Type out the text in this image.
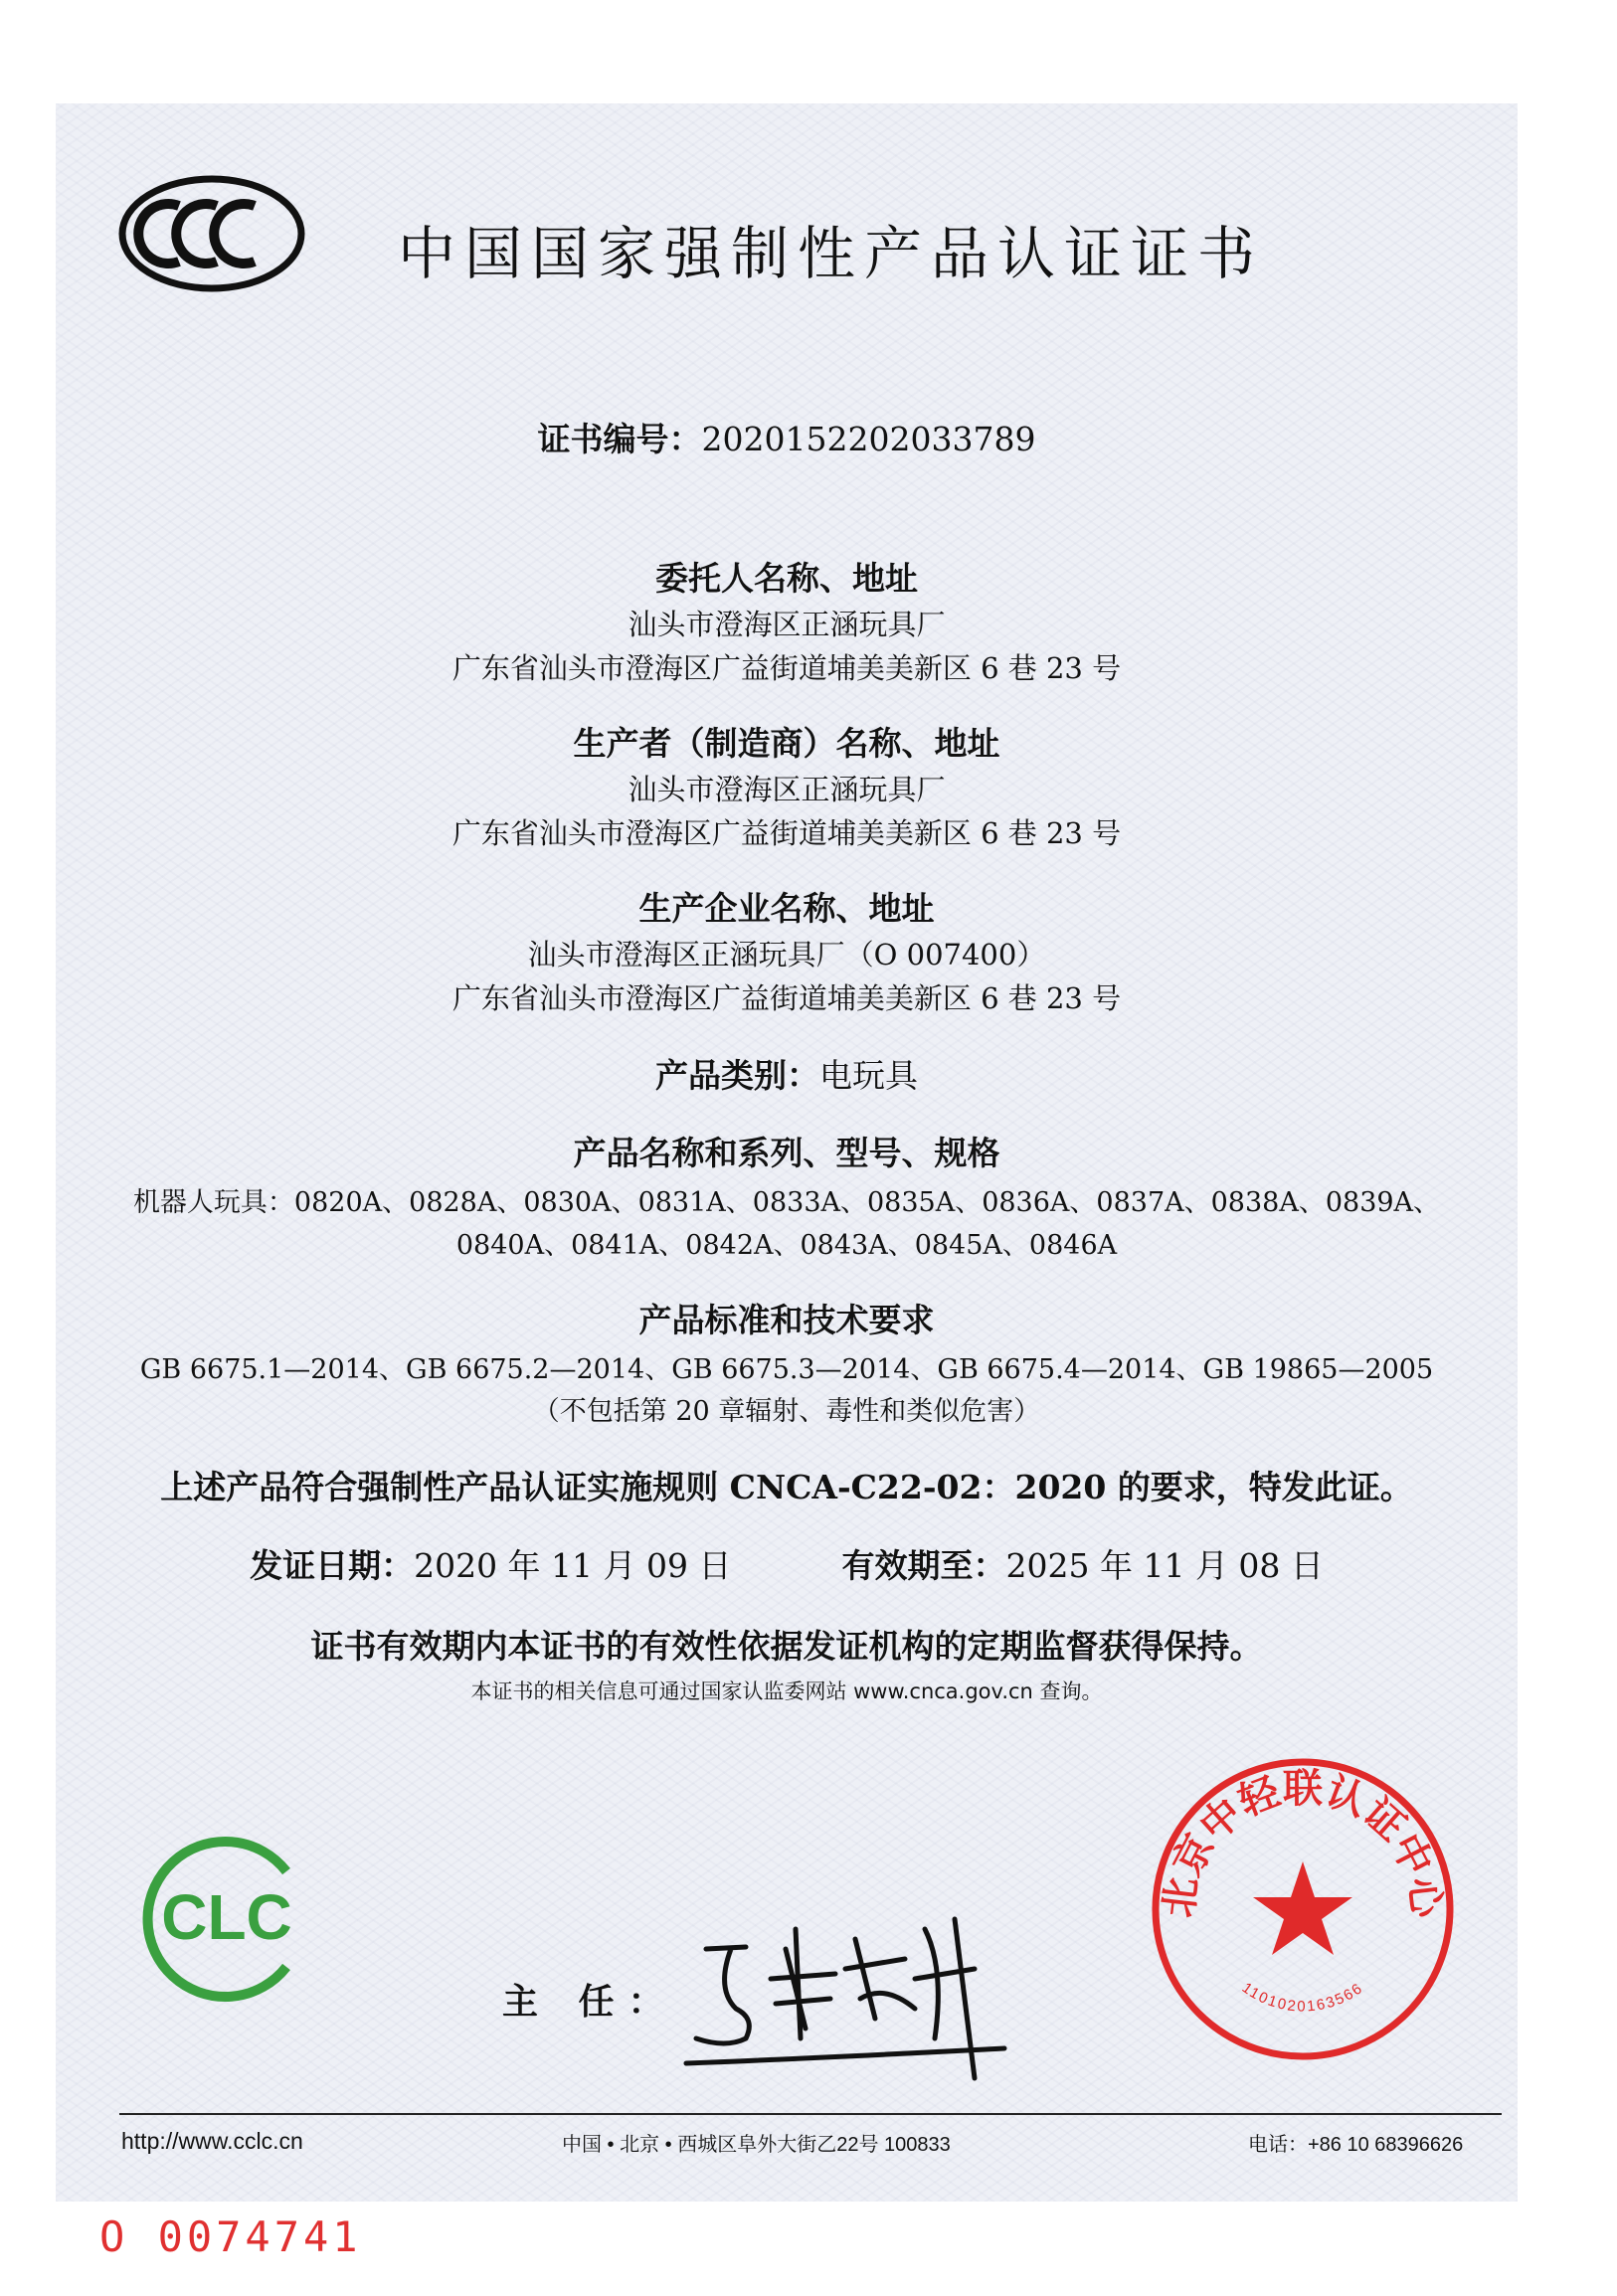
CCC
中国国家强制性产品认证证书
证书编号：2020152202033789
委托人名称、地址
汕头市澄海区正涵玩具厂
广东省汕头市澄海区广益街道埔美美新区 6 巷 23 号
生产者（制造商）名称、地址
汕头市澄海区正涵玩具厂
广东省汕头市澄海区广益街道埔美美新区 6 巷 23 号
生产企业名称、地址
汕头市澄海区正涵玩具厂（O 007400）
广东省汕头市澄海区广益街道埔美美新区 6 巷 23 号
产品类别：电玩具
产品名称和系列、型号、规格
机器人玩具：0820A、0828A、0830A、0831A、0833A、0835A、0836A、0837A、0838A、0839A、
0840A、0841A、0842A、0843A、0845A、0846A
产品标准和技术要求
GB 6675.1—2014、GB 6675.2—2014、GB 6675.3—2014、GB 6675.4—2014、GB 19865—2005
（不包括第 20 章辐射、毒性和类似危害）
上述产品符合强制性产品认证实施规则 CNCA-C22-02：2020 的要求，特发此证。
发证日期：2020 年 11 月 09 日	有效期至：2025 年 11 月 08 日
证书有效期内本证书的有效性依据发证机构的定期监督获得保持。
本证书的相关信息可通过国家认监委网站 www.cnca.gov.cn 查询。
CLC
主 任：
北京中轻联认证中心
1101020163566
http://www.cclc.cn	中国 • 北京 • 西城区阜外大街乙22号 100833	电话：+86 10 68396626
O 0074741
